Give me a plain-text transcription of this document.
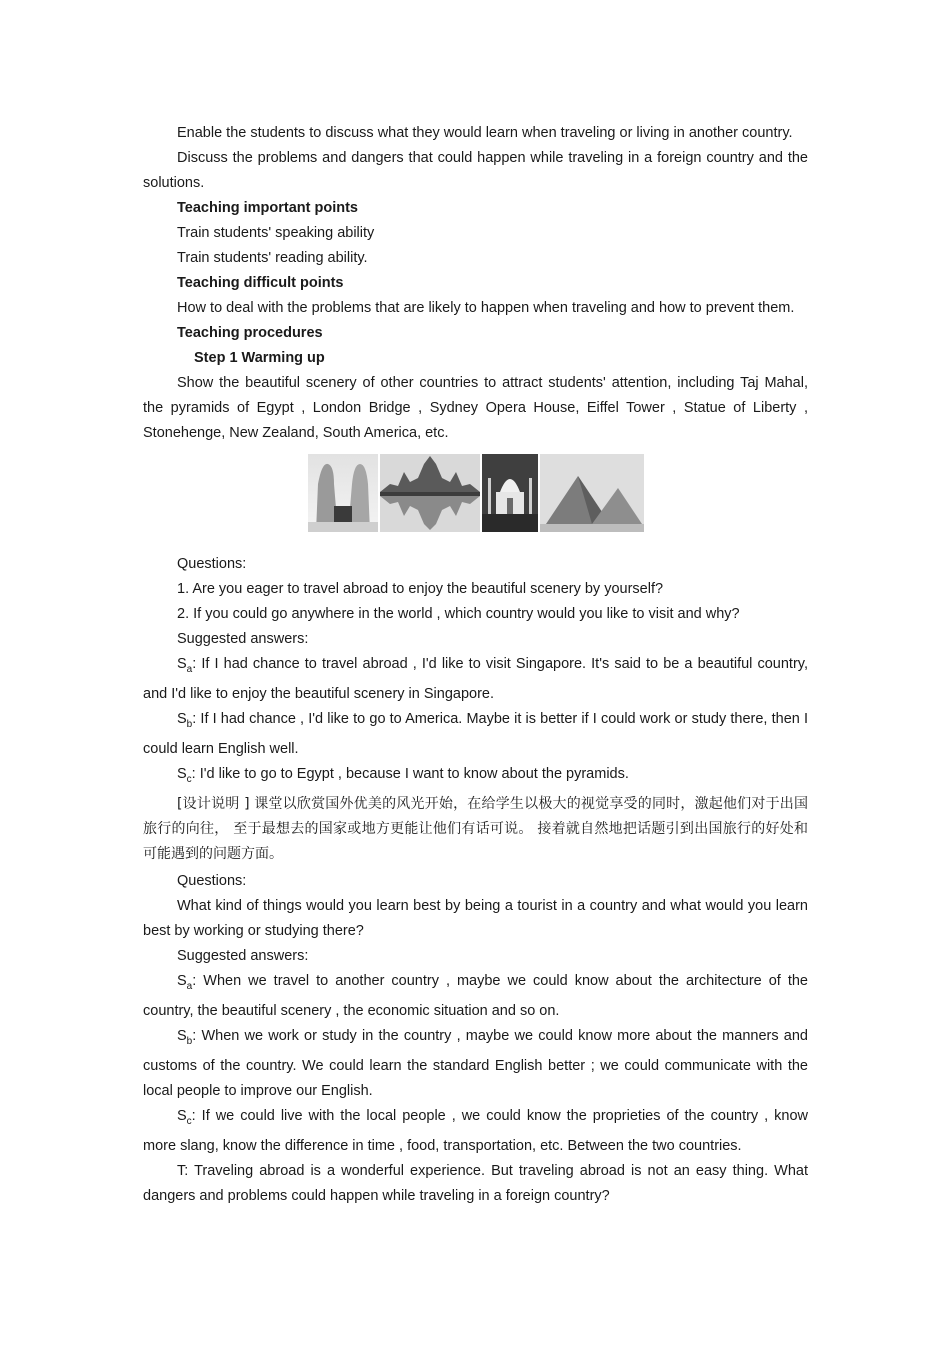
Enable the students to discuss what they would learn when traveling or living in another country.

Discuss the problems and dangers that could happen while traveling in a foreign country and the solutions.

Teaching important points

Train students' speaking ability

Train students' reading ability.

Teaching difficult points

How to deal with the problems that are likely to happen when traveling and how to prevent them.

Teaching procedures

Step 1 Warming up

Show the beautiful scenery of other countries to attract students' attention, including Taj Mahal, the pyramids of Egypt , London Bridge , Sydney Opera House, Eiffel Tower , Statue of Liberty , Stonehenge, New Zealand, South America, etc.

Questions:

1. Are you eager to travel abroad to enjoy the beautiful scenery by yourself?

2. If you could go anywhere in the world , which country would you like to visit and why?

Suggested answers:

$S_a$: If I had chance to travel abroad , I'd like to visit Singapore. It's said to be a beautiful country, and I'd like to enjoy the beautiful scenery in Singapore.

$S_b$: If I had chance , I'd like to go to America. Maybe it is better if I could work or study there, then I could learn English well.

$S_c$: I'd like to go to Egypt , because I want to know about the pyramids.

[设计说明 ] 课堂以欣赏国外优美的风光开始，在给学生以极大的视觉享受的同时，激起他们对于出国旅行的向往， 至于最想去的国家或地方更能让他们有话可说。 接着就自然地把话题引到出国旅行的好处和可能遇到的问题方面。

Questions:

What kind of things would you learn best by being a tourist in a country and what would you learn best by working or studying there?

Suggested answers:

$S_a$: When we travel to another country , maybe we could know about the architecture of the country, the beautiful scenery , the economic situation and so on.

$S_b$: When we work or study in the country , maybe we could know more about the manners and customs of the country. We could learn the standard English better ; we could communicate with the local people to improve our English.

$S_c$: If we could live with the local people , we could know the proprieties of the country , know more slang, know the difference in time , food, transportation, etc. Between the two countries.

T: Traveling abroad is a wonderful experience. But traveling abroad is not an easy thing. What dangers and problems could happen while traveling in a foreign country?
